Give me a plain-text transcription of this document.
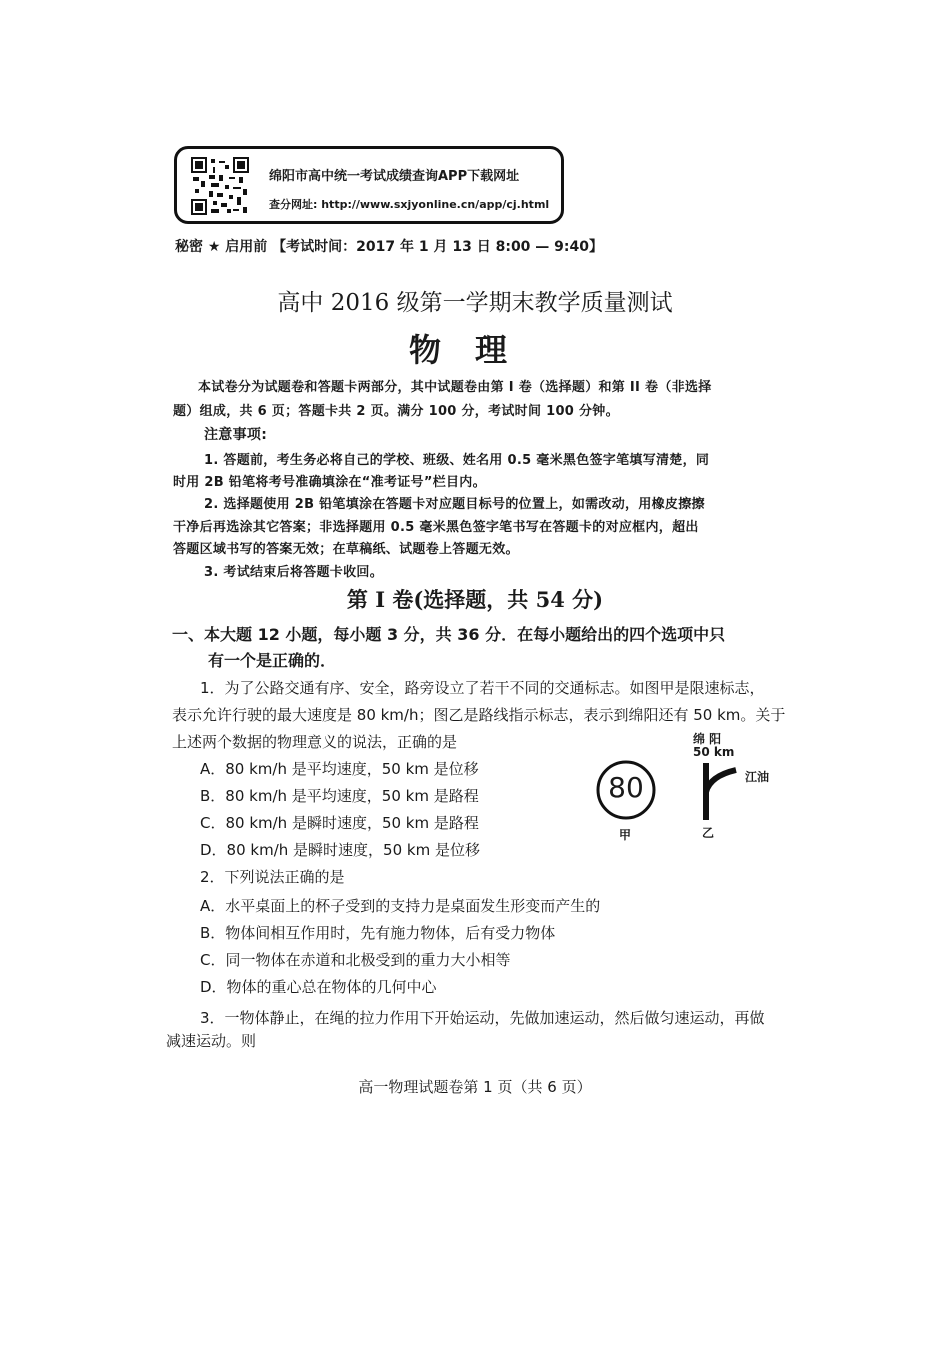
绵阳市高中统一考试成绩查询APP下载网址
查分网址: http://www.sxjyonline.cn/app/cj.html
秘密 ★ 启用前 【考试时间：2017 年 1 月 13 日 8:00 — 9:40】
高中 2016 级第一学期末教学质量测试
物理
本试卷分为试题卷和答题卡两部分，其中试题卷由第 I 卷（选择题）和第 II 卷（非选择
题）组成，共 6 页；答题卡共 2 页。满分 100 分，考试时间 100 分钟。
注意事项:
1. 答题前，考生务必将自己的学校、班级、姓名用 0.5 毫米黑色签字笔填写清楚，同
时用 2B 铅笔将考号准确填涂在“准考证号”栏目内。
2. 选择题使用 2B 铅笔填涂在答题卡对应题目标号的位置上，如需改动，用橡皮擦擦
干净后再选涂其它答案；非选择题用 0.5 毫米黑色签字笔书写在答题卡的对应框内，超出
答题区域书写的答案无效；在草稿纸、试题卷上答题无效。
3. 考试结束后将答题卡收回。
第 I 卷(选择题，共 54 分)
一、本大题 12 小题，每小题 3 分，共 36 分．在每小题给出的四个选项中只
有一个是正确的．
1．为了公路交通有序、安全，路旁设立了若干不同的交通标志。如图甲是限速标志，
表示允许行驶的最大速度是 80 km/h；图乙是路线指示标志，表示到绵阳还有 50 km。关于
上述两个数据的物理意义的说法，正确的是
A．80 km/h 是平均速度，50 km 是位移
B．80 km/h 是平均速度，50 km 是路程
C．80 km/h 是瞬时速度，50 km 是路程
D．80 km/h 是瞬时速度，50 km 是位移
80
甲
绵 阳
50 km
江油
乙
2．下列说法正确的是
A．水平桌面上的杯子受到的支持力是桌面发生形变而产生的
B．物体间相互作用时，先有施力物体，后有受力物体
C．同一物体在赤道和北极受到的重力大小相等
D．物体的重心总在物体的几何中心
3．一物体静止，在绳的拉力作用下开始运动，先做加速运动，然后做匀速运动，再做
减速运动。则
高一物理试题卷第 1 页（共 6 页）
